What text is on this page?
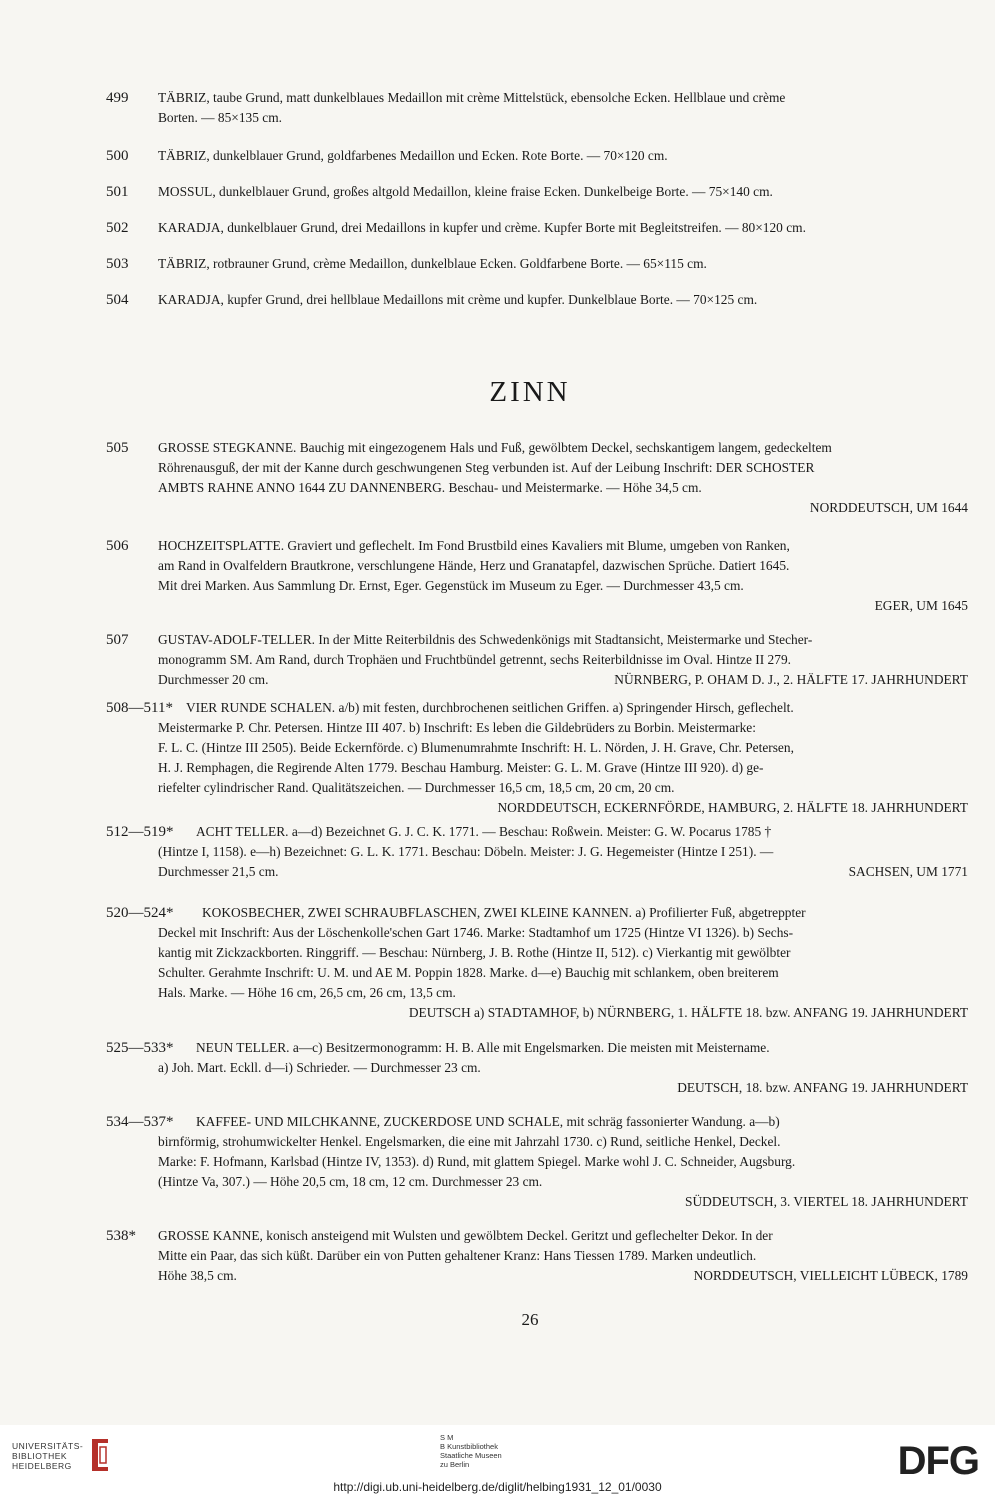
499 TÄBRIZ, taube Grund, matt dunkelblaues Medaillon mit crème Mittelstück, ebensolche Ecken. Hellblaue und crème
Borten. — 85×135 cm.
500 TÄBRIZ, dunkelblauer Grund, goldfarbenes Medaillon und Ecken. Rote Borte. — 70×120 cm.
501 MOSSUL, dunkelblauer Grund, großes altgold Medaillon, kleine fraise Ecken. Dunkelbeige Borte. — 75×140 cm.
502 KARADJA, dunkelblauer Grund, drei Medaillons in kupfer und crème. Kupfer Borte mit Begleitstreifen. — 80×120 cm.
503 TÄBRIZ, rotbrauner Grund, crème Medaillon, dunkelblaue Ecken. Goldfarbene Borte. — 65×115 cm.
504 KARADJA, kupfer Grund, drei hellblaue Medaillons mit crème und kupfer. Dunkelblaue Borte. — 70×125 cm.
ZINN
505 GROSSE STEGKANNE. Bauchig mit eingezogenem Hals und Fuß, gewölbtem Deckel, sechskantigem langem, gedeckeltem
Röhrenausguß, der mit der Kanne durch geschwungenen Steg verbunden ist. Auf der Leibung Inschrift: DER SCHOSTER
AMBTS RAHNE ANNO 1644 ZU DANNENBERG. Beschau- und Meistermarke. — Höhe 34,5 cm.
NORDDEUTSCH, UM 1644
506 HOCHZEITSPLATTE. Graviert und geflechelt. Im Fond Brustbild eines Kavaliers mit Blume, umgeben von Ranken,
am Rand in Ovalfeldern Brautkrone, verschlungene Hände, Herz und Granatapfel, dazwischen Sprüche. Datiert 1645.
Mit drei Marken. Aus Sammlung Dr. Ernst, Eger. Gegenstück im Museum zu Eger. — Durchmesser 43,5 cm.
EGER, UM 1645
507 GUSTAV-ADOLF-TELLER. In der Mitte Reiterbildnis des Schwedenkönigs mit Stadtansicht, Meistermarke und Stecher-
monogramm SM. Am Rand, durch Trophäen und Fruchtbündel getrennt, sechs Reiterbildnisse im Oval. Hintze II 279.
Durchmesser 20 cm.	NÜRNBERG, P. OHAM D. J., 2. HÄLFTE 17. JAHRHUNDERT
508—511* VIER RUNDE SCHALEN. a/b) mit festen, durchbrochenen seitlichen Griffen. a) Springender Hirsch, geflechelt.
Meistermarke P. Chr. Petersen. Hintze III 407. b) Inschrift: Es leben die Gildebrüders zu Borbin. Meistermarke:
F. L. C. (Hintze III 2505). Beide Eckernförde. c) Blumenumrahmte Inschrift: H. L. Nörden, J. H. Grave, Chr. Petersen,
H. J. Remphagen, die Regirende Alten 1779. Beschau Hamburg. Meister: G. L. M. Grave (Hintze III 920). d) ge-
riefelter cylindrischer Rand. Qualitätszeichen. — Durchmesser 16,5 cm, 18,5 cm, 20 cm, 20 cm.
NORDDEUTSCH, ECKERNFÖRDE, HAMBURG, 2. HÄLFTE 18. JAHRHUNDERT
512—519* ACHT TELLER. a—d) Bezeichnet G. J. C. K. 1771. — Beschau: Roßwein. Meister: G. W. Pocarus 1785 †
(Hintze I, 1158). e—h) Bezeichnet: G. L. K. 1771. Beschau: Döbeln. Meister: J. G. Hegemeister (Hintze I 251). —
Durchmesser 21,5 cm.	SACHSEN, UM 1771
520—524* KOKOSBECHER, ZWEI SCHRAUBFLASCHEN, ZWEI KLEINE KANNEN. a) Profilierter Fuß, abgetreppter
Deckel mit Inschrift: Aus der Löschenkolle'schen Gart 1746. Marke: Stadtamhof um 1725 (Hintze VI 1326). b) Sechs-
kantig mit Zickzackborten. Ringgriff. — Beschau: Nürnberg, J. B. Rothe (Hintze II, 512). c) Vierkantig mit gewölbter
Schulter. Gerahmte Inschrift: U. M. und AE M. Poppin 1828. Marke. d—e) Bauchig mit schlankem, oben breiterem
Hals. Marke. — Höhe 16 cm, 26,5 cm, 26 cm, 13,5 cm.
DEUTSCH a) STADTAMHOF, b) NÜRNBERG, 1. HÄLFTE 18. bzw. ANFANG 19. JAHRHUNDERT
525—533* NEUN TELLER. a—c) Besitzermonogramm: H. B. Alle mit Engelsmarken. Die meisten mit Meistername.
a) Joh. Mart. Eckll. d—i) Schrieder. — Durchmesser 23 cm.
DEUTSCH, 18. bzw. ANFANG 19. JAHRHUNDERT
534—537* KAFFEE- UND MILCHKANNE, ZUCKERDOSE UND SCHALE, mit schräg fassonierter Wandung. a—b)
birnförmig, strohumwickelter Henkel. Engelsmarken, die eine mit Jahrzahl 1730. c) Rund, seitliche Henkel, Deckel.
Marke: F. Hofmann, Karlsbad (Hintze IV, 1353). d) Rund, mit glattem Spiegel. Marke wohl J. C. Schneider, Augsburg.
(Hintze Va, 307.) — Höhe 20,5 cm, 18 cm, 12 cm. Durchmesser 23 cm.
SÜDDEUTSCH, 3. VIERTEL 18. JAHRHUNDERT
538* GROSSE KANNE, konisch ansteigend mit Wulsten und gewölbtem Deckel. Geritzt und geflechelter Dekor. In der
Mitte ein Paar, das sich küßt. Darüber ein von Putten gehaltener Kranz: Hans Tiessen 1789. Marken undeutlich.
Höhe 38,5 cm.	NORDDEUTSCH, VIELLEICHT LÜBECK, 1789
26
UNIVERSITÄTS-
BIBLIOTHEK
HEIDELBERG
S M
B Kunstbibliothek
Staatliche Museen
zu Berlin	DFG
http://digi.ub.uni-heidelberg.de/diglit/helbing1931_12_01/0030
